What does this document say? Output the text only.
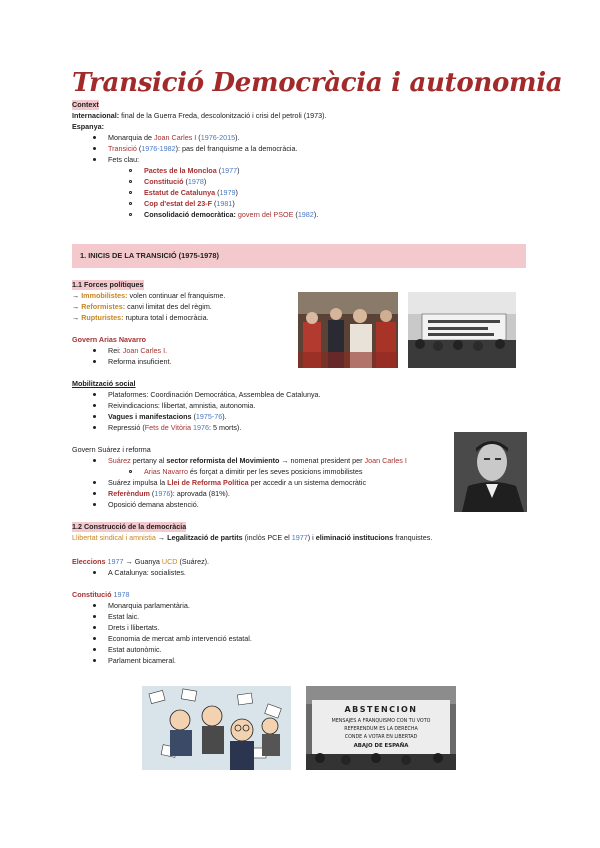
Transició Democràcia i autonomia
Context
Internacional: final de la Guerra Freda, descolonització i crisi del petroli (1973).
Espanya:
Monarquia de Joan Carles I (1976-2015).
Transició (1976-1982): pas del franquisme a la democràcia.
Fets clau:
Pactes de la Moncloa (1977)
Constitució (1978)
Estatut de Catalunya (1979)
Cop d'estat del 23-F (1981)
Consolidació democràtica: govern del PSOE (1982).
1. INICIS DE LA TRANSICIÓ (1975-1978)
1.1 Forces polítiques
→ Immobilistes: volen continuar el franquisme.
→ Reformistes: canvi limitat des del règim.
→ Rupturistes: ruptura total i democràcia.
Govern Arias Navarro
Rei: Joan Carles I.
Reforma insuficient.
Mobilització social
Plataformes: Coordinación Democrática, Assemblea de Catalunya.
Reivindicacions: llibertat, amnistia, autonomia.
Vagues i manifestacions (1975-76).
Repressió (Fets de Vitòria 1976: 5 morts).
Govern Suárez i reforma
Suárez pertany al sector reformista del Movimiento → nomenat president per Joan Carles I
Arias Navarro és forçat a dimitir per les seves posicions immobilistes
Suárez impulsa la Llei de Reforma Política per accedir a un sistema democràtic
Referèndum (1976): aprovada (81%).
Oposició demana abstenció.
1.2 Construcció de la democràcia
Llibertat sindical i amnistia → Legalització de partits (inclòs PCE el 1977) i eliminació institucions franquistes.
Eleccions 1977 → Guanya UCD (Suárez).
A Catalunya: socialistes.
Constitució 1978
Monarquia parlamentària.
Estat laic.
Drets i llibertats.
Economia de mercat amb intervenció estatal.
Estat autonòmic.
Parlament bicameral.
ABSTENCION
MENSAJES A FRANQUISMO CON TU VOTO
REFERENDUM ES LA DERECHA
CONDE A VOTAR EN LIBERTAD
ABAJO DE ESPAÑA
